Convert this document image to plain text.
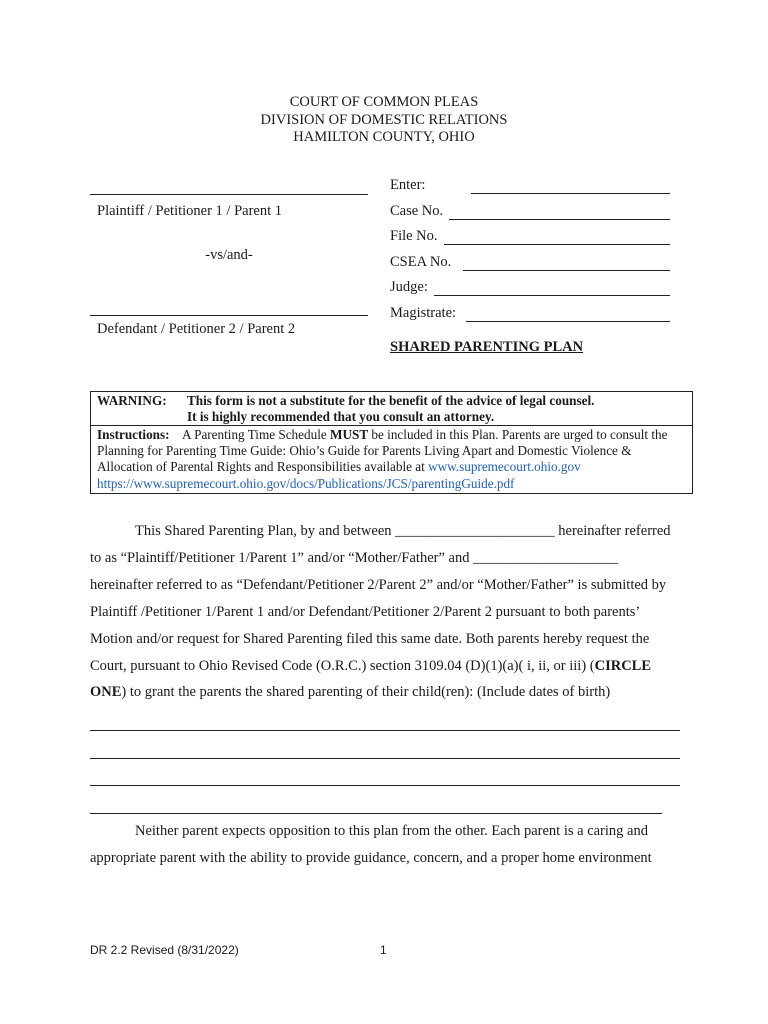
COURT OF COMMON PLEAS
DIVISION OF DOMESTIC RELATIONS
HAMILTON COUNTY, OHIO
Plaintiff / Petitioner 1 / Parent 1
-vs/and-
Defendant / Petitioner 2 / Parent 2
Enter:
Case No.
File No.
CSEA No.
Judge:
Magistrate:
SHARED PARENTING PLAN
WARNING: This form is not a substitute for the benefit of the advice of legal counsel.
It is highly recommended that you consult an attorney.
Instructions: A Parenting Time Schedule MUST be included in this Plan. Parents are urged to consult the Planning for Parenting Time Guide: Ohio’s Guide for Parents Living Apart and Domestic Violence & Allocation of Parental Rights and Responsibilities available at www.supremecourt.ohio.gov
https://www.supremecourt.ohio.gov/docs/Publications/JCS/parentingGuide.pdf

This Shared Parenting Plan, by and between ______________________ hereinafter referred to as “Plaintiff/Petitioner 1/Parent 1” and/or “Mother/Father” and ____________________ hereinafter referred to as “Defendant/Petitioner 2/Parent 2” and/or “Mother/Father” is submitted by Plaintiff /Petitioner 1/Parent 1 and/or Defendant/Petitioner 2/Parent 2 pursuant to both parents’ Motion and/or request for Shared Parenting filed this same date. Both parents hereby request the Court, pursuant to Ohio Revised Code (O.R.C.) section 3109.04 (D)(1)(a)( i, ii, or iii) (CIRCLE ONE) to grant the parents the shared parenting of their child(ren): (Include dates of birth)

Neither parent expects opposition to this plan from the other. Each parent is a caring and appropriate parent with the ability to provide guidance, concern, and a proper home environment

DR 2.2 Revised (8/31/2022)	1
